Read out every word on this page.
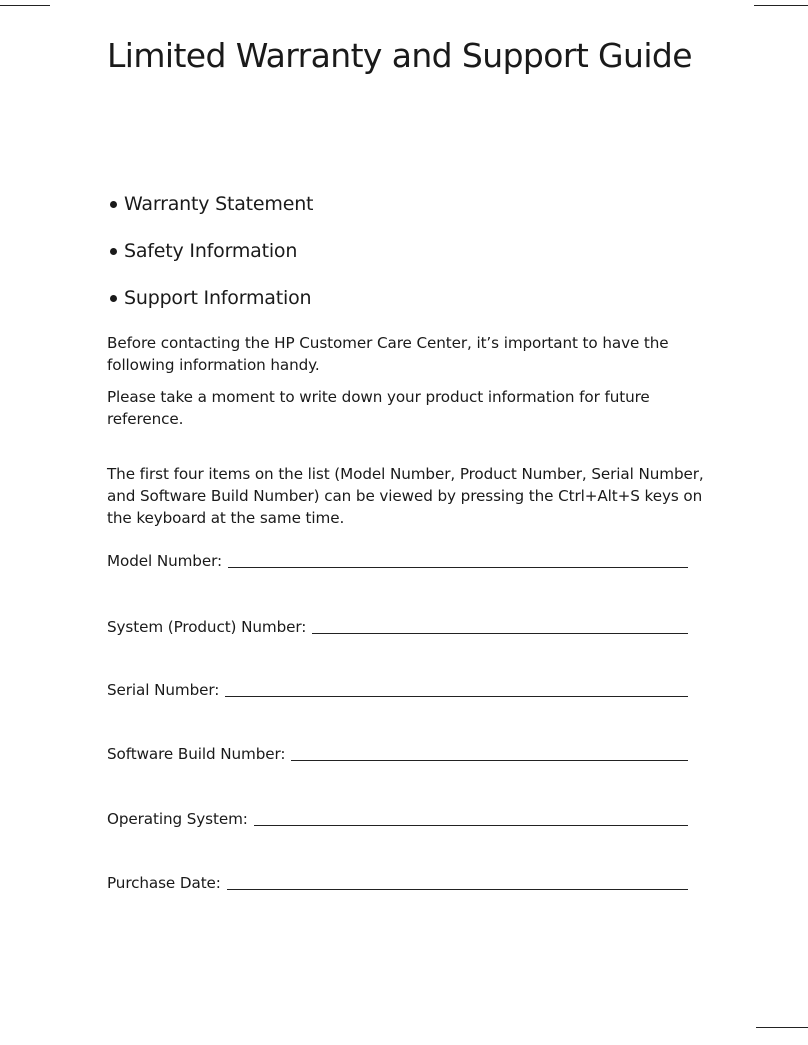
Limited Warranty and Support Guide
Warranty Statement
Safety Information
Support Information

Before contacting the HP Customer Care Center, it’s important to have the following information handy.

Please take a moment to write down your product information for future reference.

The first four items on the list (Model Number, Product Number, Serial Number, and Software Build Number) can be viewed by pressing the Ctrl+Alt+S keys on the keyboard at the same time.

Model Number:
System (Product) Number:
Serial Number:
Software Build Number:
Operating System:
Purchase Date:
